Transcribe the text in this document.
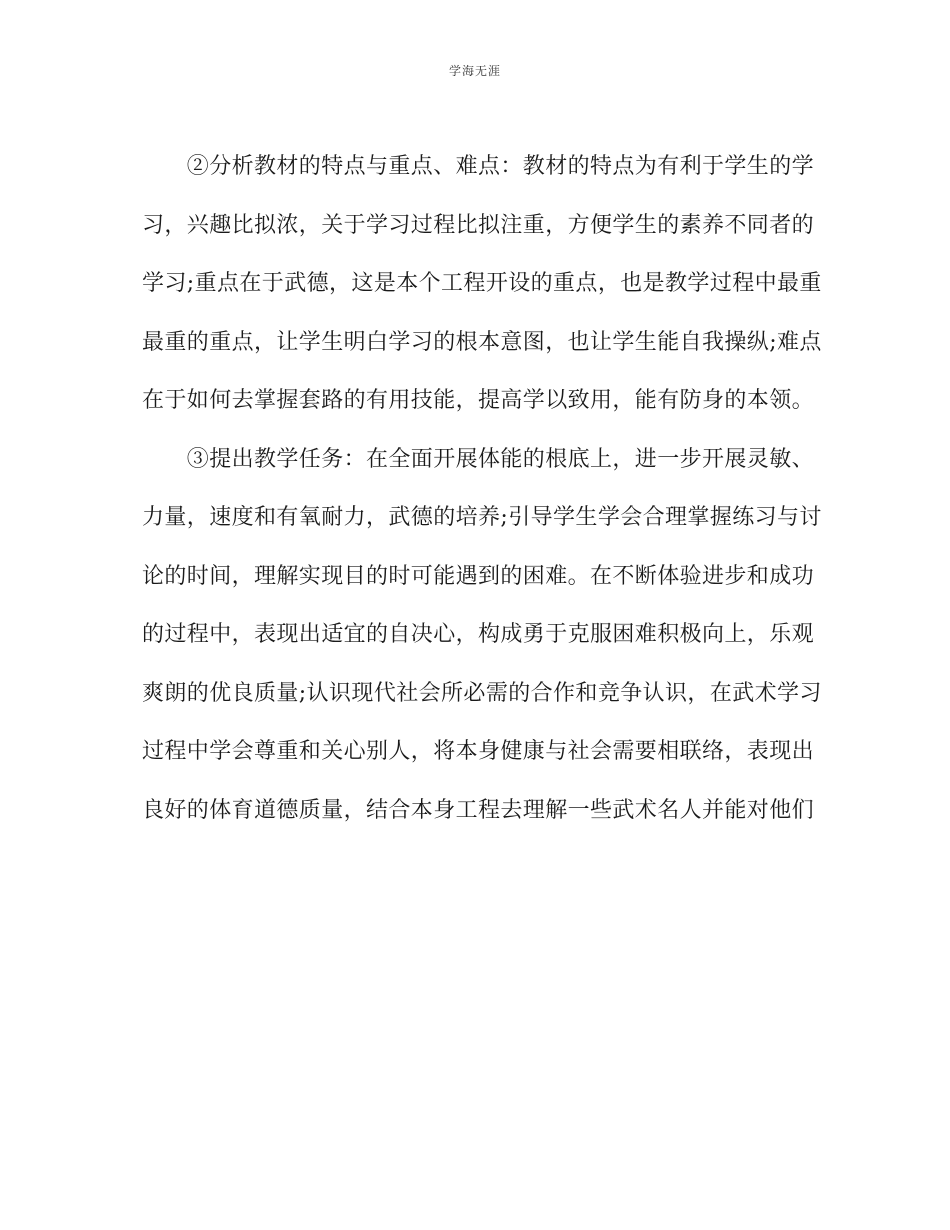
学海无涯
　　②分析教材的特点与重点、难点：教材的特点为有利于学生的学
习，兴趣比拟浓，关于学习过程比拟注重，方便学生的素养不同者的
学习;重点在于武德，这是本个工程开设的重点，也是教学过程中最重
最重的重点，让学生明白学习的根本意图，也让学生能自我操纵;难点
在于如何去掌握套路的有用技能，提高学以致用，能有防身的本领。
　　③提出教学任务：在全面开展体能的根底上，进一步开展灵敏、
力量，速度和有氧耐力，武德的培养;引导学生学会合理掌握练习与讨
论的时间，理解实现目的时可能遇到的困难。在不断体验进步和成功
的过程中，表现出适宜的自决心，构成勇于克服困难积极向上，乐观
爽朗的优良质量;认识现代社会所必需的合作和竞争认识，在武术学习
过程中学会尊重和关心别人，将本身健康与社会需要相联络，表现出
良好的体育道德质量，结合本身工程去理解一些武术名人并能对他们
